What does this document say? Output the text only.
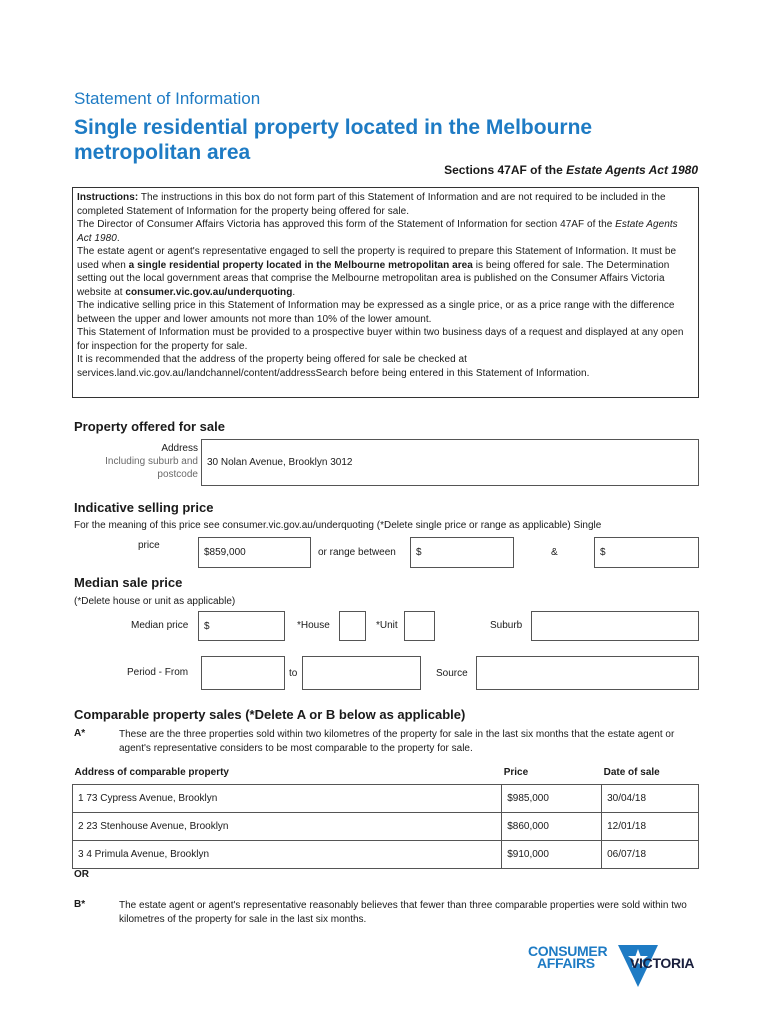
Statement of Information
Single residential property located in the Melbourne metropolitan area
Sections 47AF of the Estate Agents Act 1980

Instructions: The instructions in this box do not form part of this Statement of Information and are not required to be included in the completed Statement of Information for the property being offered for sale.

The Director of Consumer Affairs Victoria has approved this form of the Statement of Information for section 47AF of the Estate Agents Act 1980.

The estate agent or agent's representative engaged to sell the property is required to prepare this Statement of Information. It must be used when a single residential property located in the Melbourne metropolitan area is being offered for sale. The Determination setting out the local government areas that comprise the Melbourne metropolitan area is published on the Consumer Affairs Victoria website at consumer.vic.gov.au/underquoting.

The indicative selling price in this Statement of Information may be expressed as a single price, or as a price range with the difference between the upper and lower amounts not more than 10% of the lower amount.

This Statement of Information must be provided to a prospective buyer within two business days of a request and displayed at any open for inspection for the property for sale.

It is recommended that the address of the property being offered for sale be checked at services.land.vic.gov.au/landchannel/content/addressSearch before being entered in this Statement of Information.

Property offered for sale
Address
Including suburb and
postcode
30 Nolan Avenue, Brooklyn 3012
Indicative selling price
For the meaning of this price see consumer.vic.gov.au/underquoting (*Delete single price or range as applicable) Single
price
$859,000	or range between	$	&	$
Median sale price
(*Delete house or unit as applicable)
Median price	$	*House	*Unit	Suburb
Period - From	to	Source
Comparable property sales (*Delete A or B below as applicable)
A*	These are the three properties sold within two kilometres of the property for sale in the last six months that the estate agent or agent's representative considers to be most comparable to the property for sale.
Address of comparable property	Price	Date of sale
1 73 Cypress Avenue, Brooklyn	$985,000	30/04/18
2 23 Stenhouse Avenue, Brooklyn	$860,000	12/01/18
3 4 Primula Avenue, Brooklyn	$910,000	06/07/18
OR
B*	The estate agent or agent's representative reasonably believes that fewer than three comparable properties were sold within two kilometres of the property for sale in the last six months.
CONSUMER
AFFAIRS	VICTORIA
